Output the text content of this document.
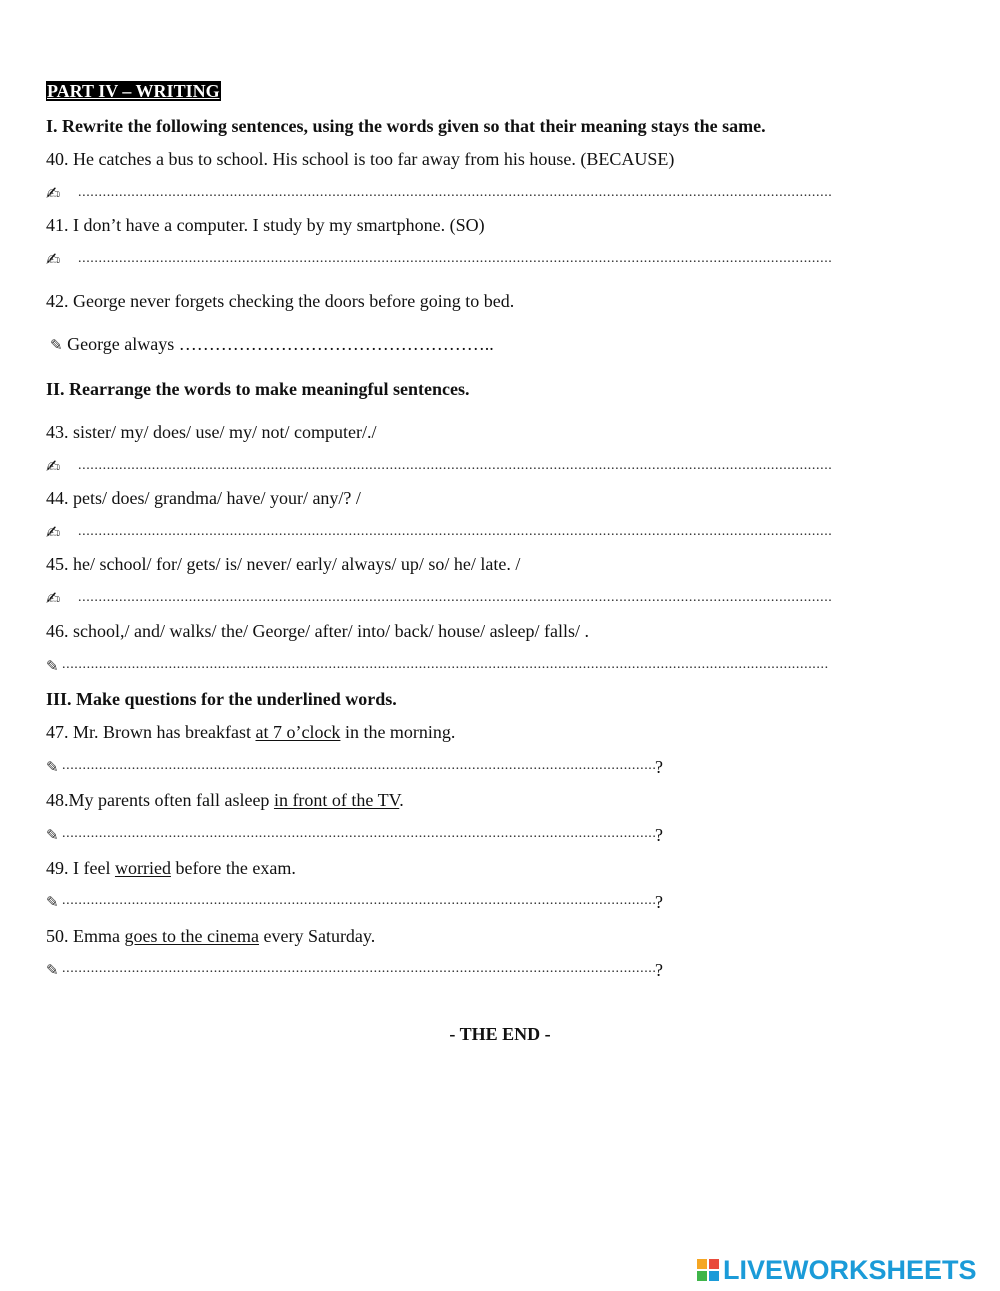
PART IV – WRITING
I. Rewrite the following sentences, using the words given so that their meaning stays the same.
40. He catches a bus to school. His school is too far away from his house. (BECAUSE)
✍
.....
41. I don’t have a computer. I study by my smartphone. (SO)
✍
.....
42. George never forgets checking the doors before going to bed.
✎ George always ……………………………………………..
II. Rearrange the words to make meaningful sentences.
43. sister/ my/ does/ use/ my/ not/ computer/./
✍
.....
44. pets/ does/ grandma/ have/ your/ any/? /
✍
.....
45. he/ school/ for/ gets/ is/ never/ early/ always/ up/ so/ he/ late. /
✍
.....
46. school,/ and/ walks/ the/ George/ after/ into/ back/ house/ asleep/ falls/ .
✎
.....
III. Make questions for the underlined words.
47. Mr. Brown has breakfast at 7 o’clock in the morning.
✎ .....	?
48.My parents often fall asleep in front of the TV.
✎ .....	?
49. I feel worried before the exam.
✎ .....	?
50. Emma goes to the cinema every Saturday.
✎ .....	?
- THE END -
LIVEWORKSHEETS
